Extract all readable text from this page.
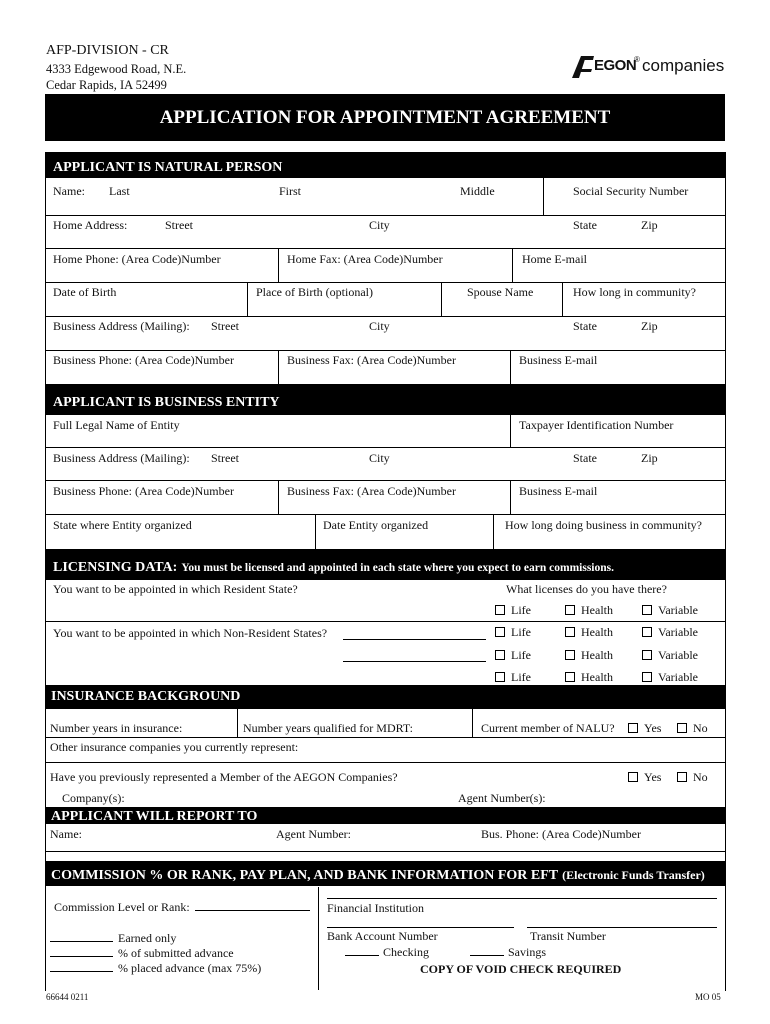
AFP-DIVISION - CR
4333 Edgewood Road, N.E.
Cedar Rapids, IA 52499
EGON
® companies
APPLICATION FOR APPOINTMENT AGREEMENT
APPLICANT IS NATURAL PERSON
Name: Last	First	Middle	Social Security Number
Home Address:	Street	City	State	Zip
Home Phone: (Area Code)Number	Home Fax: (Area Code)Number	Home E-mail
Date of Birth	Place of Birth (optional)	Spouse Name	How long in community?
Business Address (Mailing): Street	City	State	Zip
Business Phone: (Area Code)Number	Business Fax: (Area Code)Number	Business E-mail
APPLICANT IS BUSINESS ENTITY
Full Legal Name of Entity	Taxpayer Identification Number
Business Address (Mailing): Street	City	State	Zip
Business Phone: (Area Code)Number	Business Fax: (Area Code)Number	Business E-mail
State where Entity organized	Date Entity organized	How long doing business in community?
LICENSING DATA: You must be licensed and appointed in each state where you expect to earn commissions.
You want to be appointed in which Resident State?	What licenses do you have there?
Life	Health	Variable
You want to be appointed in which Non-Resident States?	Life	Health	Variable
Life	Health	Variable
Life	Health	Variable
INSURANCE BACKGROUND
Number years in insurance:	Number years qualified for MDRT:	Current member of NALU?	Yes	No
Other insurance companies you currently represent:
Have you previously represented a Member of the AEGON Companies?	Yes	No
Company(s):	Agent Number(s):
APPLICANT WILL REPORT TO
Name:	Agent Number:	Bus. Phone: (Area Code)Number
COMMISSION % OR RANK, PAY PLAN, AND BANK INFORMATION FOR EFT (Electronic Funds Transfer)
Commission Level or Rank:	Financial Institution
Bank Account Number	Transit Number
Earned only
Checking	Savings
% of submitted advance
% placed advance (max 75%)	COPY OF VOID CHECK REQUIRED
66644 0211	MO 05
